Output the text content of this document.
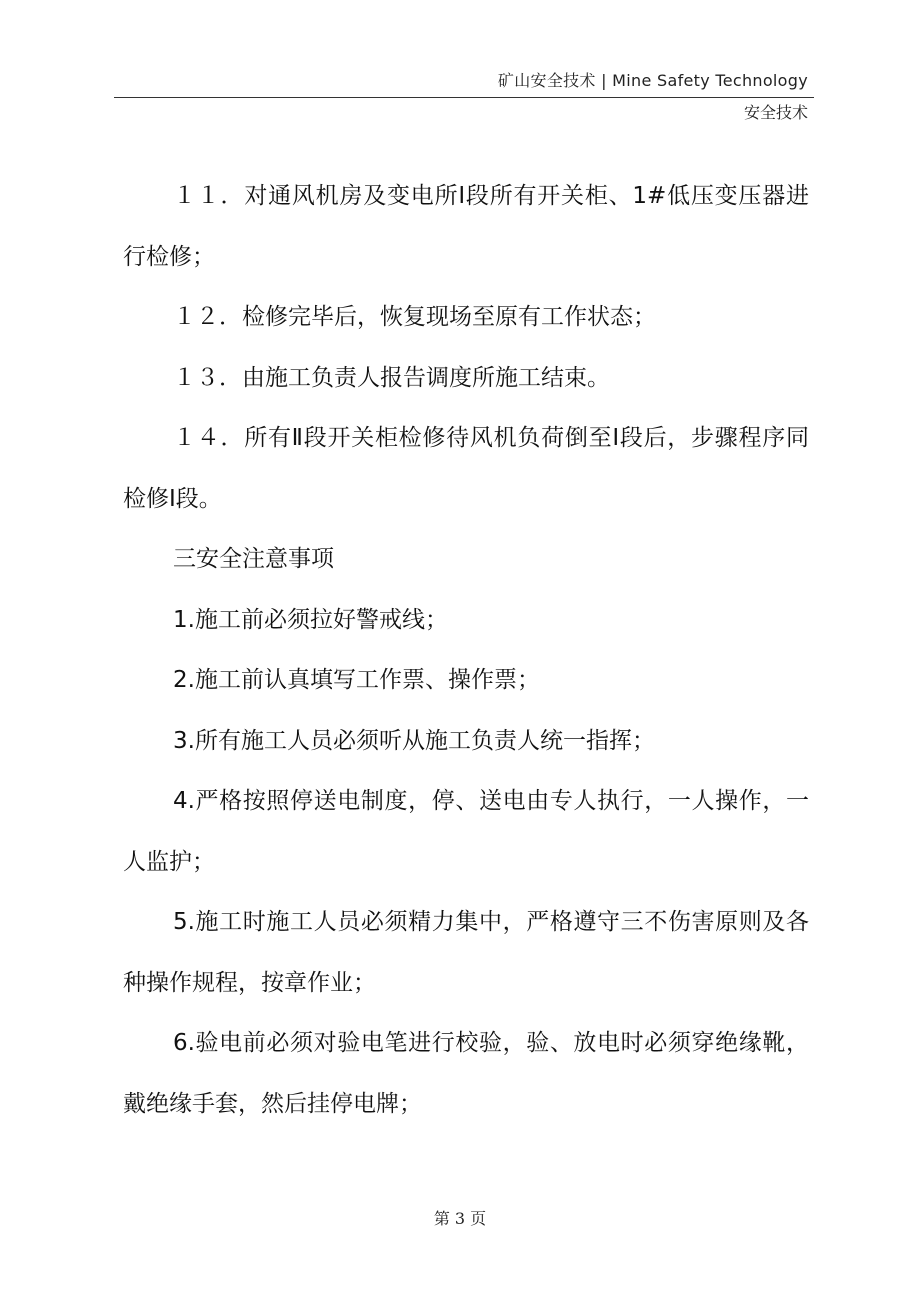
矿山安全技术 | Mine Safety Technology
安全技术

１１．对通风机房及变电所Ⅰ段所有开关柜、1#低压变压器进行检修；

１２．检修完毕后，恢复现场至原有工作状态；

１３．由施工负责人报告调度所施工结束。

１４．所有Ⅱ段开关柜检修待风机负荷倒至Ⅰ段后，步骤程序同检修Ⅰ段。

三安全注意事项

1.施工前必须拉好警戒线；

2.施工前认真填写工作票、操作票；

3.所有施工人员必须听从施工负责人统一指挥；

4.严格按照停送电制度，停、送电由专人执行，一人操作，一人监护；

5.施工时施工人员必须精力集中，严格遵守三不伤害原则及各种操作规程，按章作业；

6.验电前必须对验电笔进行校验，验、放电时必须穿绝缘靴，戴绝缘手套，然后挂停电牌；

第 3 页
